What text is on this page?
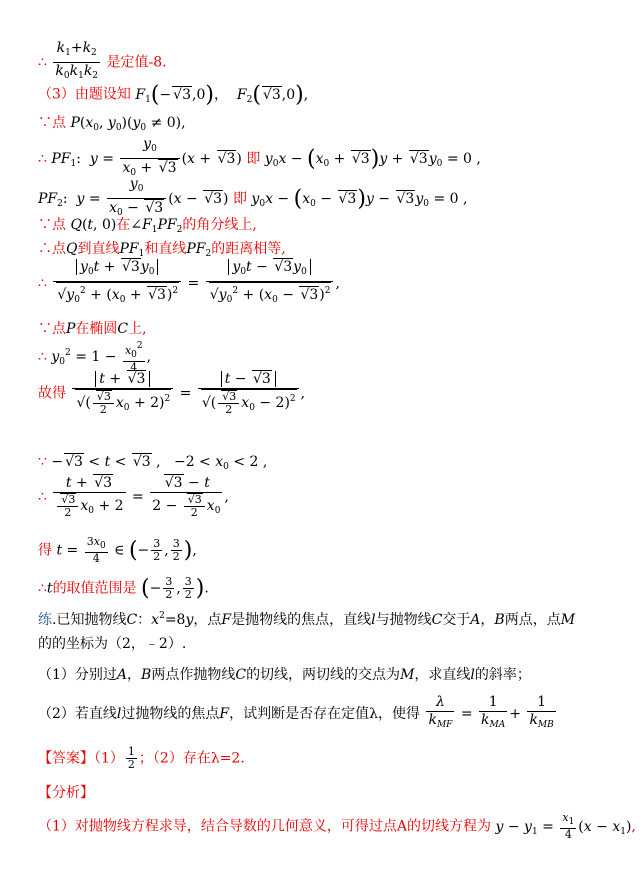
∴ $\frac{k_1+k_2}{k_0k_1k_2}$ 是定值-8.
（3）由题设知 $F_1(-√$ 3,0)，  $F_2(√$ 3,0),
∵点 $P(x_0$, $y_0)(y_0 \ne 0)$,
∴ $PF_1$:  $y = \frac{y_0}{x_0 + √ 3} (x$ + √ 3) 即 $y_0x - (x_0$ + √ 3)y + √ $3y_0 = 0$ ,
$PF_2$:  $y = \frac{y_0}{x_0 - √ 3} (x$ − √ 3) 即 $y_0x - (x_0$ − √ 3)y − √ $3y_0 = 0$ ,
∵点 Q(t, 0)在$\angle F_1PF_2$的角分线上,
∴点Q到直线$PF_1$和直线$PF_2$的距离相等,
∴ $y_0t$ + √ $3y_0$
√ $y_0^2 + (x_0$ + √ $3)^2 = y_0t$ − √ $3y_0$
√ $y_0^2 + (x_0$ − √ 3)$^2$ ,
∵点P在椭圆C上,
∴ $y_0^2 = 1 - \frac{x_0^2}{4}$ ,
故得 t + √ 3
√ (
√ $\frac{3}{2} x_0 + 2)^2 = t$ − √ 3
√ (
√ $\frac{3}{2} x_0 - 2)^2$ ,
∵ −√ 3 < t < √ 3 ,   $-2 < x_0 < 2$ ,
∴ t + √ 3
√ $\frac{3}{2} x_0 + 2$ =
√ 3 − t
2 −
√ $\frac{3}{2} x_0$ ,
得 $t = \frac{3x_0}{4}$ ∈ (− $\frac{3}{2}$ , $\frac{3}{2}$ ),
∴t的取值范围是 (− $\frac{3}{2}$ , $\frac{3}{2}$ ).
练.已知抛物线C：$x^2=8y$，点F是抛物线的焦点，直线l与抛物线C交于A，B两点，点M
的的坐标为（2，﹣2）.
（1）分别过A，B两点作抛物线C的切线，两切线的交点为M，求直线l的斜率；
（2）若直线l过抛物线的焦点F，试判断是否存在定值λ，使得 $\frac{\lambda}{k_{MF}} = \frac{1}{k_{MA}} + \frac{1}{k_{MB}}$
【答案】$(1) \frac{1}{2}$ ；（2）存在λ=2.
【分析】
（1）对抛物线方程求导，结合导数的几何意义，可得过点A的切线方程为 $y - y_1 = \frac{x_1}{4} (x - x_1)$,
